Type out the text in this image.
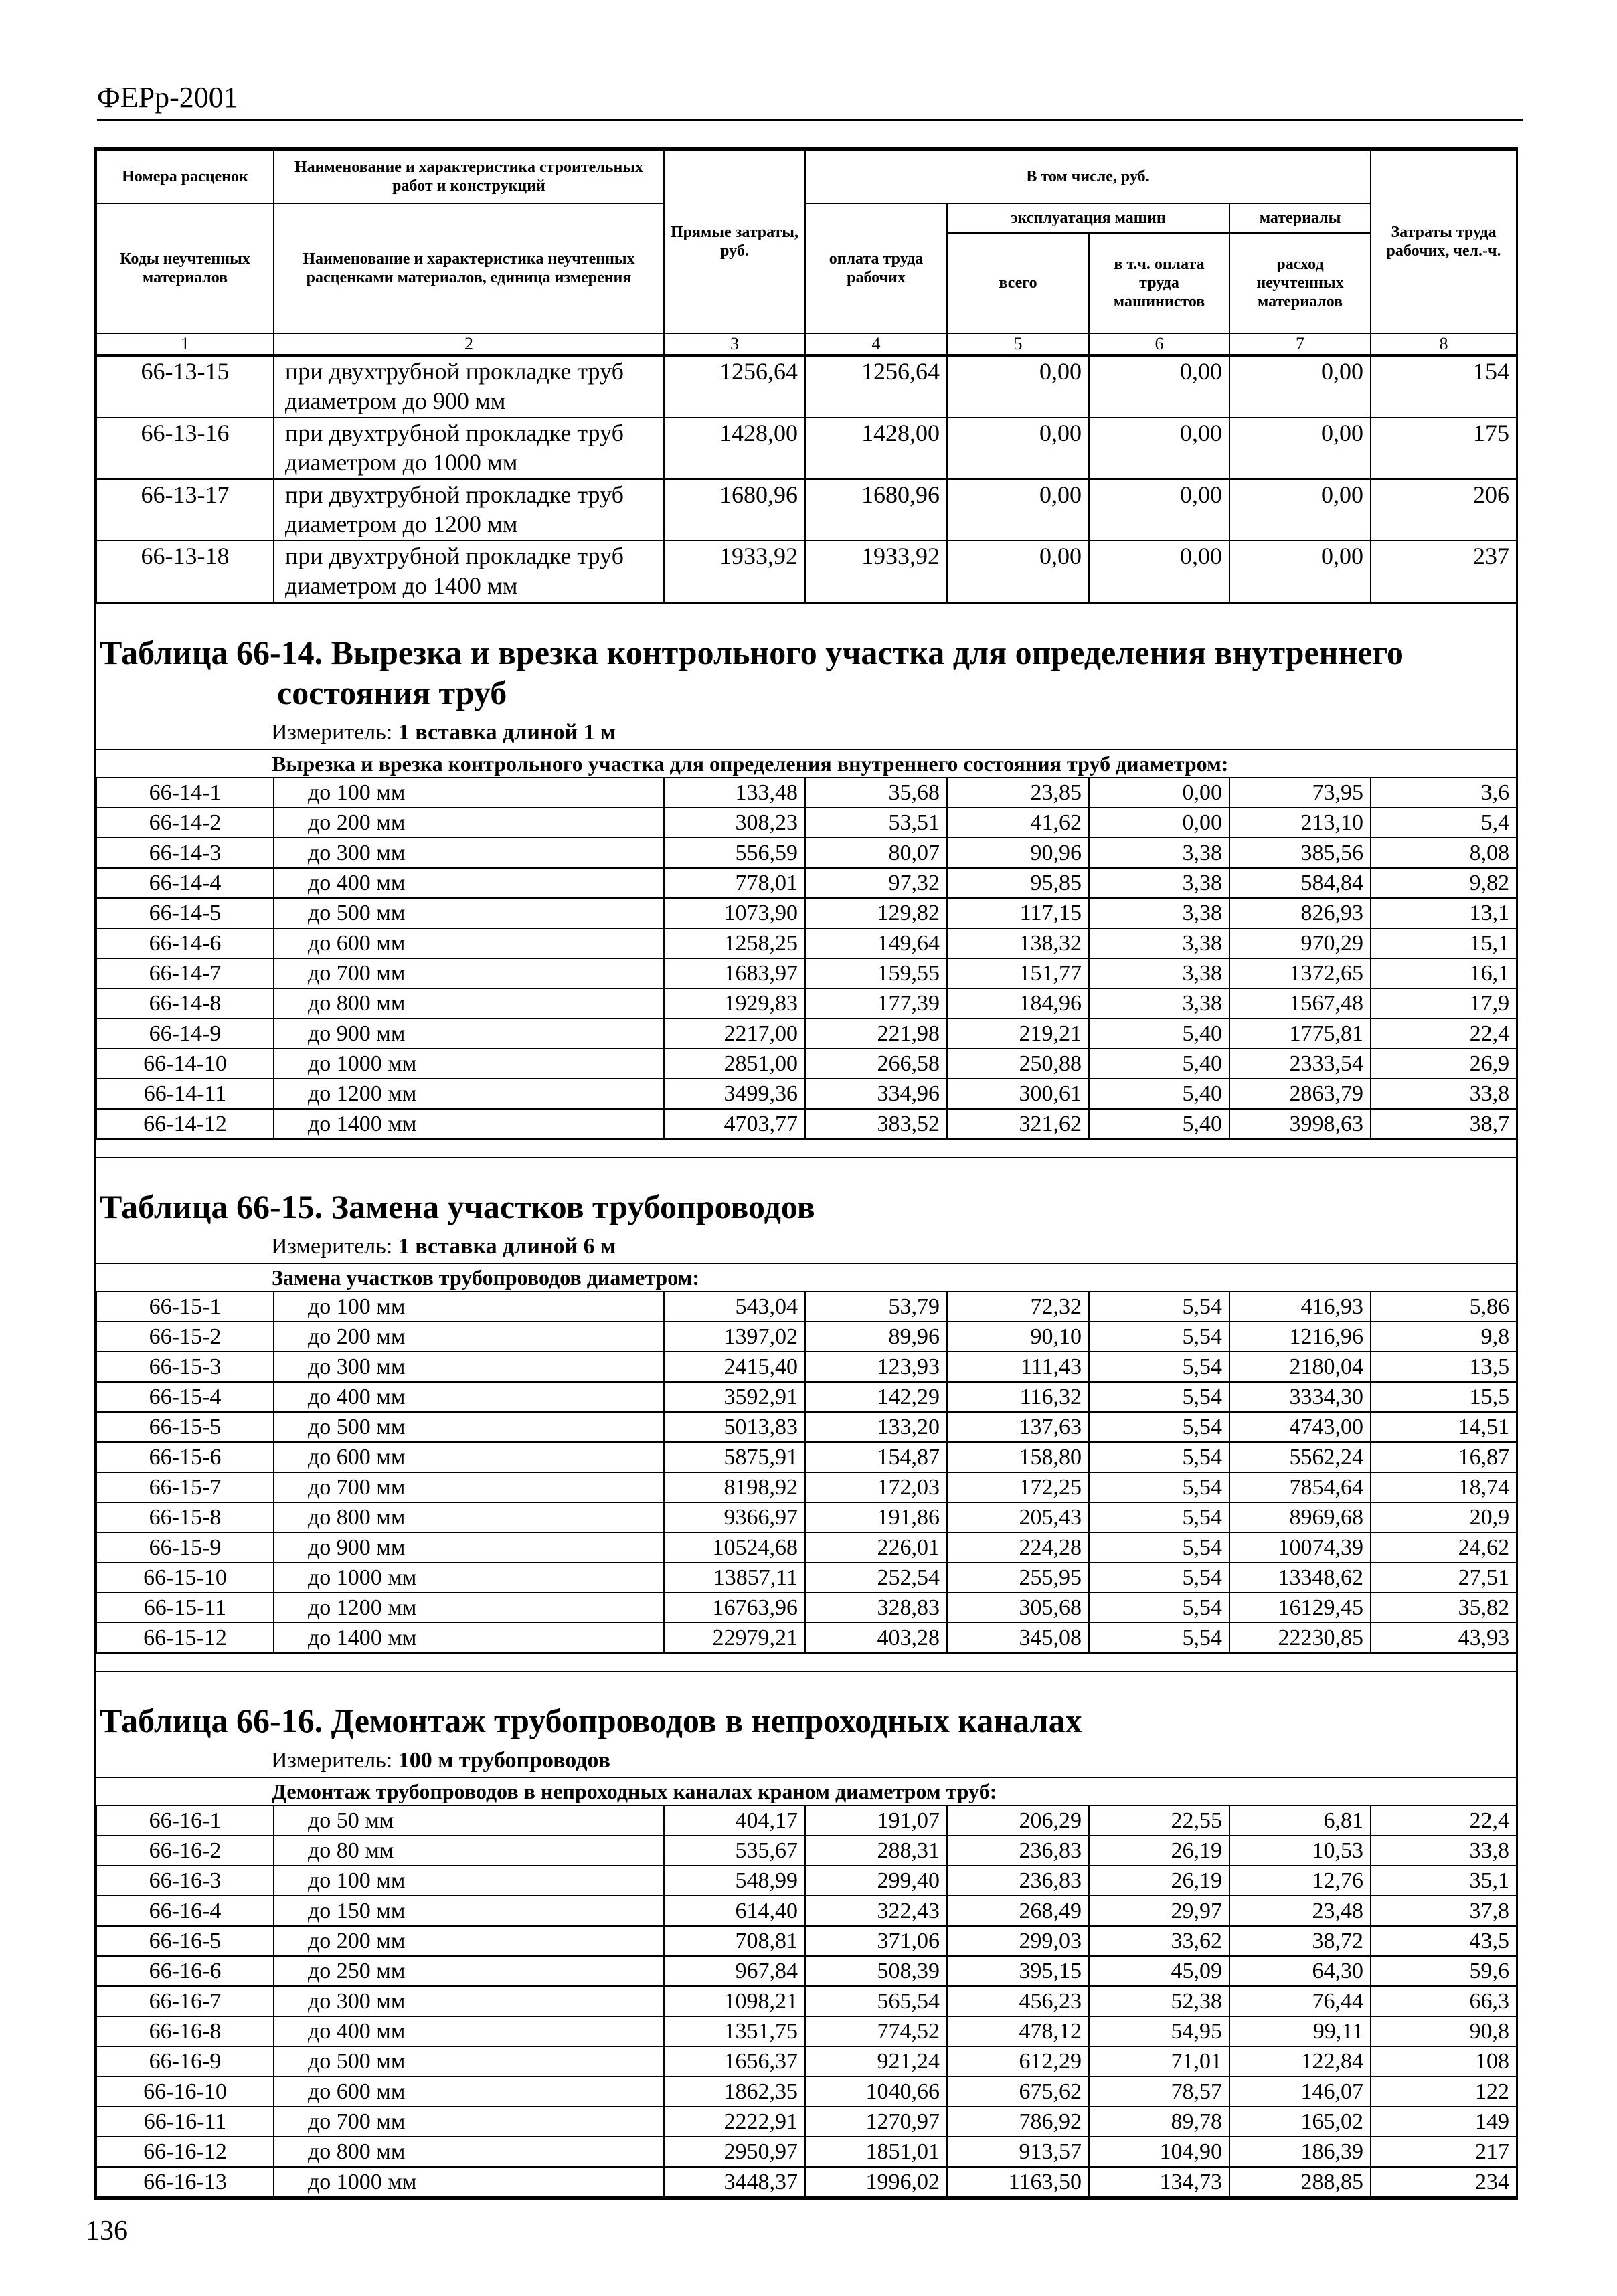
ФЕРр-2001
Номера расценок	Наименование и характеристика строительных работ и конструкций	Прямые затраты, руб.	В том числе, руб.				Затраты труда рабочих, чел.-ч.
Коды неучтенных материалов	Наименование и характеристика неучтенных расценками материалов, единица измерения		оплата труда рабочих	эксплуатация машин		материалы	
				всего	в т.ч. оплата труда машинистов	расход неучтенных материалов	
1	2	3	4	5	6	7	8
66-13-15	при двухтрубной прокладке труб диаметром до 900 мм	1256,64	1256,64	0,00	0,00	0,00	154
66-13-16	при двухтрубной прокладке труб диаметром до 1000 мм	1428,00	1428,00	0,00	0,00	0,00	175
66-13-17	при двухтрубной прокладке труб диаметром до 1200 мм	1680,96	1680,96	0,00	0,00	0,00	206
66-13-18	при двухтрубной прокладке труб диаметром до 1400 мм	1933,92	1933,92	0,00	0,00	0,00	237
Таблица 66-14. Вырезка и врезка контрольного участка для определения внутреннего
состояния труб
Измеритель: 1 вставка длиной 1 м
Вырезка и врезка контрольного участка для определения внутреннего состояния труб диаметром:							
66-14-1	до 100 мм	133,48	35,68	23,85	0,00	73,95	3,6
66-14-2	до 200 мм	308,23	53,51	41,62	0,00	213,10	5,4
66-14-3	до 300 мм	556,59	80,07	90,96	3,38	385,56	8,08
66-14-4	до 400 мм	778,01	97,32	95,85	3,38	584,84	9,82
66-14-5	до 500 мм	1073,90	129,82	117,15	3,38	826,93	13,1
66-14-6	до 600 мм	1258,25	149,64	138,32	3,38	970,29	15,1
66-14-7	до 700 мм	1683,97	159,55	151,77	3,38	1372,65	16,1
66-14-8	до 800 мм	1929,83	177,39	184,96	3,38	1567,48	17,9
66-14-9	до 900 мм	2217,00	221,98	219,21	5,40	1775,81	22,4
66-14-10	до 1000 мм	2851,00	266,58	250,88	5,40	2333,54	26,9
66-14-11	до 1200 мм	3499,36	334,96	300,61	5,40	2863,79	33,8
66-14-12	до 1400 мм	4703,77	383,52	321,62	5,40	3998,63	38,7
Таблица 66-15. Замена участков трубопроводов
Измеритель: 1 вставка длиной 6 м
Замена участков трубопроводов диаметром:							
66-15-1	до 100 мм	543,04	53,79	72,32	5,54	416,93	5,86
66-15-2	до 200 мм	1397,02	89,96	90,10	5,54	1216,96	9,8
66-15-3	до 300 мм	2415,40	123,93	111,43	5,54	2180,04	13,5
66-15-4	до 400 мм	3592,91	142,29	116,32	5,54	3334,30	15,5
66-15-5	до 500 мм	5013,83	133,20	137,63	5,54	4743,00	14,51
66-15-6	до 600 мм	5875,91	154,87	158,80	5,54	5562,24	16,87
66-15-7	до 700 мм	8198,92	172,03	172,25	5,54	7854,64	18,74
66-15-8	до 800 мм	9366,97	191,86	205,43	5,54	8969,68	20,9
66-15-9	до 900 мм	10524,68	226,01	224,28	5,54	10074,39	24,62
66-15-10	до 1000 мм	13857,11	252,54	255,95	5,54	13348,62	27,51
66-15-11	до 1200 мм	16763,96	328,83	305,68	5,54	16129,45	35,82
66-15-12	до 1400 мм	22979,21	403,28	345,08	5,54	22230,85	43,93
Таблица 66-16. Демонтаж трубопроводов в непроходных каналах
Измеритель: 100 м трубопроводов
Демонтаж трубопроводов в непроходных каналах краном диаметром труб:							
66-16-1	до 50 мм	404,17	191,07	206,29	22,55	6,81	22,4
66-16-2	до 80 мм	535,67	288,31	236,83	26,19	10,53	33,8
66-16-3	до 100 мм	548,99	299,40	236,83	26,19	12,76	35,1
66-16-4	до 150 мм	614,40	322,43	268,49	29,97	23,48	37,8
66-16-5	до 200 мм	708,81	371,06	299,03	33,62	38,72	43,5
66-16-6	до 250 мм	967,84	508,39	395,15	45,09	64,30	59,6
66-16-7	до 300 мм	1098,21	565,54	456,23	52,38	76,44	66,3
66-16-8	до 400 мм	1351,75	774,52	478,12	54,95	99,11	90,8
66-16-9	до 500 мм	1656,37	921,24	612,29	71,01	122,84	108
66-16-10	до 600 мм	1862,35	1040,66	675,62	78,57	146,07	122
66-16-11	до 700 мм	2222,91	1270,97	786,92	89,78	165,02	149
66-16-12	до 800 мм	2950,97	1851,01	913,57	104,90	186,39	217
66-16-13	до 1000 мм	3448,37	1996,02	1163,50	134,73	288,85	234
136
